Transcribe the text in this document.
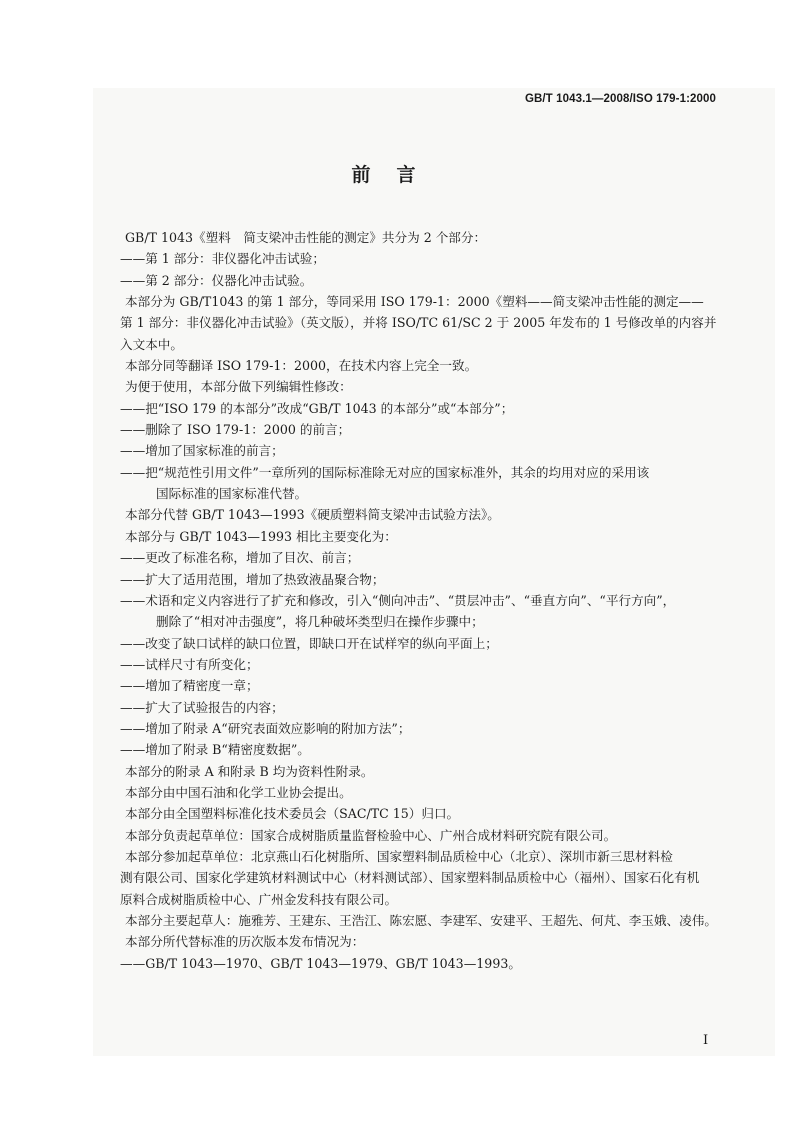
GB/T 1043.1—2008/ISO 179-1:2000
前言
GB/T 1043《塑料　简支梁冲击性能的测定》共分为 2 个部分：
——第 1 部分：非仪器化冲击试验；
——第 2 部分：仪器化冲击试验。
本部分为 GB/T1043 的第 1 部分，等同采用 ISO 179-1：2000《塑料——简支梁冲击性能的测定——
第 1 部分：非仪器化冲击试验》（英文版），并将 ISO/TC 61/SC 2 于 2005 年发布的 1 号修改单的内容并
入文本中。
本部分同等翻译 ISO 179-1：2000，在技术内容上完全一致。
为便于使用，本部分做下列编辑性修改：
——把“ISO 179 的本部分”改成“GB/T 1043 的本部分”或“本部分”；
——删除了 ISO 179-1：2000 的前言；
——增加了国家标准的前言；
——把“规范性引用文件”一章所列的国际标准除无对应的国家标准外，其余的均用对应的采用该
国际标准的国家标准代替。
本部分代替 GB/T 1043—1993《硬质塑料简支梁冲击试验方法》。
本部分与 GB/T 1043—1993 相比主要变化为：
——更改了标准名称，增加了目次、前言；
——扩大了适用范围，增加了热致液晶聚合物；
——术语和定义内容进行了扩充和修改，引入“侧向冲击”、“贯层冲击”、“垂直方向”、“平行方向”，
删除了“相对冲击强度”，将几种破坏类型归在操作步骤中；
——改变了缺口试样的缺口位置，即缺口开在试样窄的纵向平面上；
——试样尺寸有所变化；
——增加了精密度一章；
——扩大了试验报告的内容；
——增加了附录 A“研究表面效应影响的附加方法”；
——增加了附录 B“精密度数据”。
本部分的附录 A 和附录 B 均为资料性附录。
本部分由中国石油和化学工业协会提出。
本部分由全国塑料标准化技术委员会（SAC/TC 15）归口。
本部分负责起草单位：国家合成树脂质量监督检验中心、广州合成材料研究院有限公司。
本部分参加起草单位：北京燕山石化树脂所、国家塑料制品质检中心（北京）、深圳市新三思材料检
测有限公司、国家化学建筑材料测试中心（材料测试部）、国家塑料制品质检中心（福州）、国家石化有机
原料合成树脂质检中心、广州金发科技有限公司。
本部分主要起草人：施雅芳、王建东、王浩江、陈宏愿、李建军、安建平、王超先、何芃、李玉娥、凌伟。
本部分所代替标准的历次版本发布情况为：
——GB/T 1043—1970、GB/T 1043—1979、GB/T 1043—1993。
I
